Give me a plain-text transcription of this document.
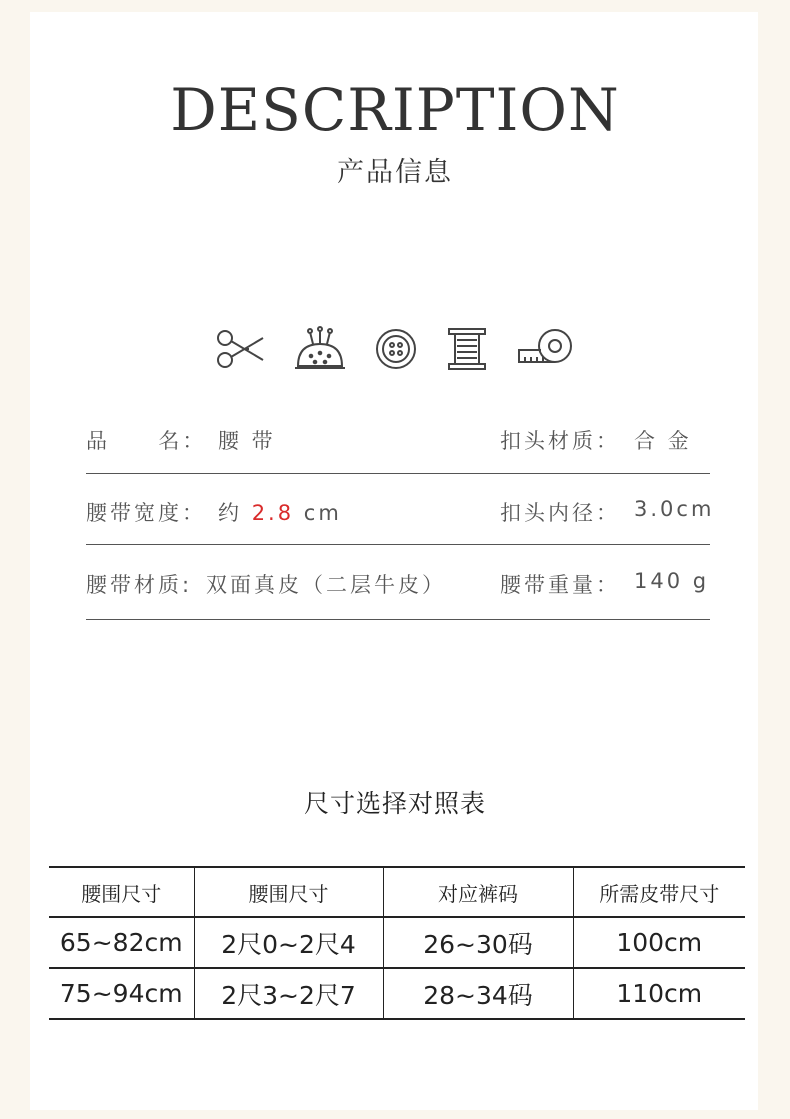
DESCRIPTION
产品信息
品     名： 腰 带	扣头材质： 合 金
腰带宽度： 约 2.8 cm	扣头内径： 3.0cm
腰带材质: 双面真皮（二层牛皮）	腰带重量： 140 g
尺寸选择对照表
腰围尺寸	腰围尺寸	对应裤码	所需皮带尺寸
65~82cm	2尺0~2尺4	26~30码	100cm
75~94cm	2尺3~2尺7	28~34码	110cm
